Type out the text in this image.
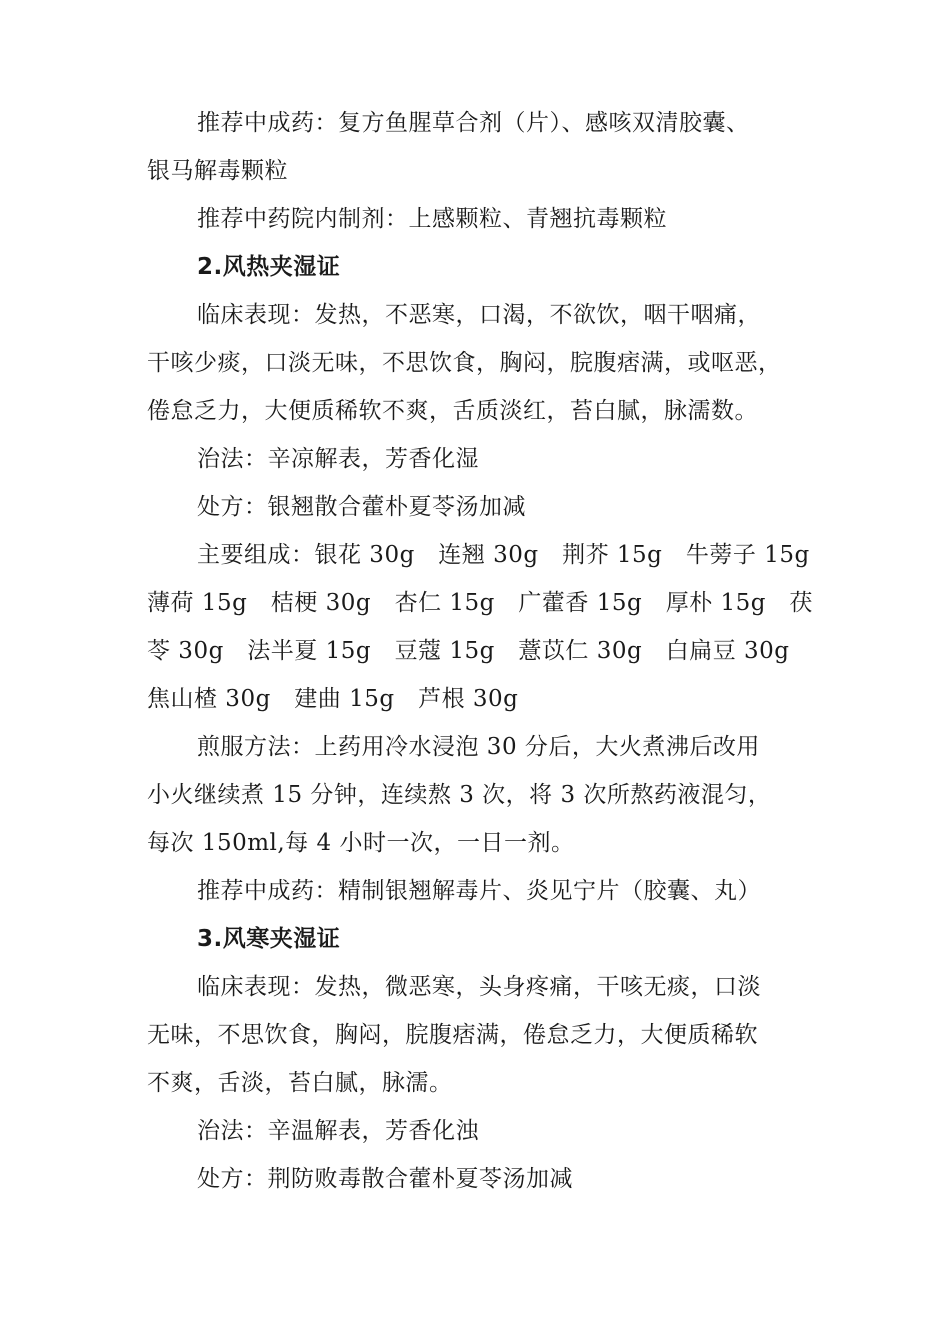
推荐中成药：复方鱼腥草合剂（片）、感咳双清胶囊、
银马解毒颗粒
推荐中药院内制剂：上感颗粒、青翘抗毒颗粒
2.风热夹湿证
临床表现：发热，不恶寒，口渴，不欲饮，咽干咽痛，
干咳少痰，口淡无味，不思饮食，胸闷，脘腹痞满，或呕恶，
倦怠乏力，大便质稀软不爽，舌质淡红，苔白腻，脉濡数。
治法：辛凉解表，芳香化湿
处方：银翘散合藿朴夏苓汤加减
主要组成：银花 30g　连翘 30g　荆芥 15g　牛蒡子 15g
薄荷 15g　桔梗 30g　杏仁 15g　广藿香 15g　厚朴 15g　茯
苓 30g　法半夏 15g　豆蔻 15g　薏苡仁 30g　白扁豆 30g
焦山楂 30g　建曲 15g　芦根 30g
煎服方法：上药用冷水浸泡 30 分后，大火煮沸后改用
小火继续煮 15 分钟，连续熬 3 次，将 3 次所熬药液混匀，
每次 150ml,每 4 小时一次，一日一剂。
推荐中成药：精制银翘解毒片、炎见宁片（胶囊、丸）
3.风寒夹湿证
临床表现：发热，微恶寒，头身疼痛，干咳无痰，口淡
无味，不思饮食，胸闷，脘腹痞满，倦怠乏力，大便质稀软
不爽，舌淡，苔白腻，脉濡。
治法：辛温解表，芳香化浊
处方：荆防败毒散合藿朴夏苓汤加减
